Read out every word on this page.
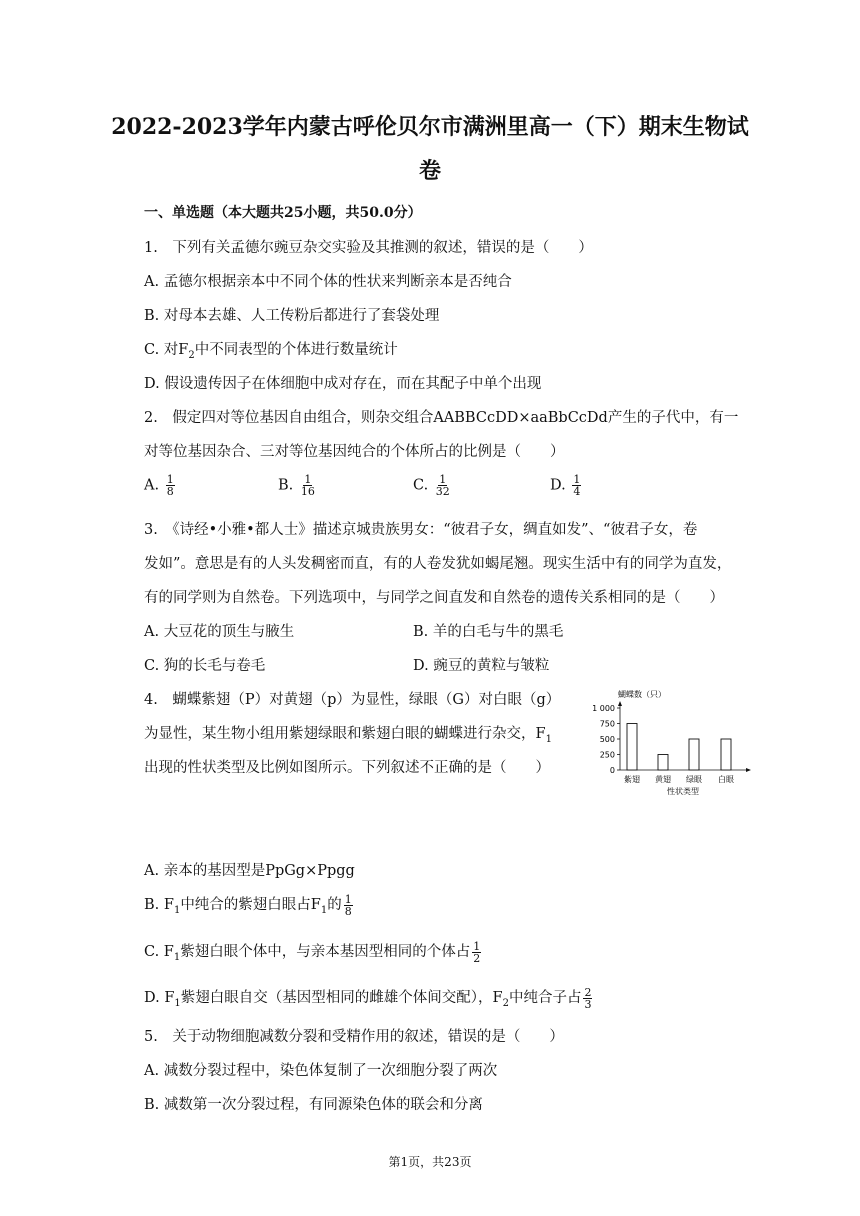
2022-2023学年内蒙古呼伦贝尔市满洲里高一（下）期末生物试
卷
一、单选题（本大题共25小题，共50.0分）
1.　下列有关孟德尔豌豆杂交实验及其推测的叙述，错误的是（　　）
A. 孟德尔根据亲本中不同个体的性状来判断亲本是否纯合
B. 对母本去雄、人工传粉后都进行了套袋处理
C. 对$F_2$中不同表型的个体进行数量统计
D. 假设遗传因子在体细胞中成对存在，而在其配子中单个出现
2.　假定四对等位基因自由组合，则杂交组合AABBCcDD×aaBbCcDd产生的子代中，有一
对等位基因杂合、三对等位基因纯合的个体所占的比例是（　　）
A. $\frac{1}{8}$	B. $\frac{1}{16}$	C. $\frac{1}{32}$	D. $\frac{1}{4}$
3.　《诗经•小雅•都人士》描述京城贵族男女：“彼君子女，绸直如发”、“彼君子女，卷
发如”。意思是有的人头发稠密而直，有的人卷发犹如蝎尾翘。现实生活中有的同学为直发，
有的同学则为自然卷。下列选项中，与同学之间直发和自然卷的遗传关系相同的是（　　）
A. 大豆花的顶生与腋生	B. 羊的白毛与牛的黑毛
C. 狗的长毛与卷毛	D. 豌豆的黄粒与皱粒
4.　蝴蝶紫翅（P）对黄翅（p）为显性，绿眼（G）对白眼（g）
为显性，某生物小组用紫翅绿眼和紫翅白眼的蝴蝶进行杂交，$F_1$
出现的性状类型及比例如图所示。下列叙述不正确的是（　　）
蝴蝶数（只）
0
250
500
750
1 000
紫翅 黄翅 绿眼 白眼
性状类型
A. 亲本的基因型是PpGg×Ppgg
B. $F_1$中纯合的紫翅白眼占$F_1$的 $\frac{1}{8}$
C. $F_1$紫翅白眼个体中，与亲本基因型相同的个体占 $\frac{1}{2}$
D. $F_1$紫翅白眼自交（基因型相同的雌雄个体间交配），$F_2$中纯合子占 $\frac{2}{3}$
5.　关于动物细胞减数分裂和受精作用的叙述，错误的是（　　）
A. 减数分裂过程中，染色体复制了一次细胞分裂了两次
B. 减数第一次分裂过程，有同源染色体的联会和分离
第1页，共23页
